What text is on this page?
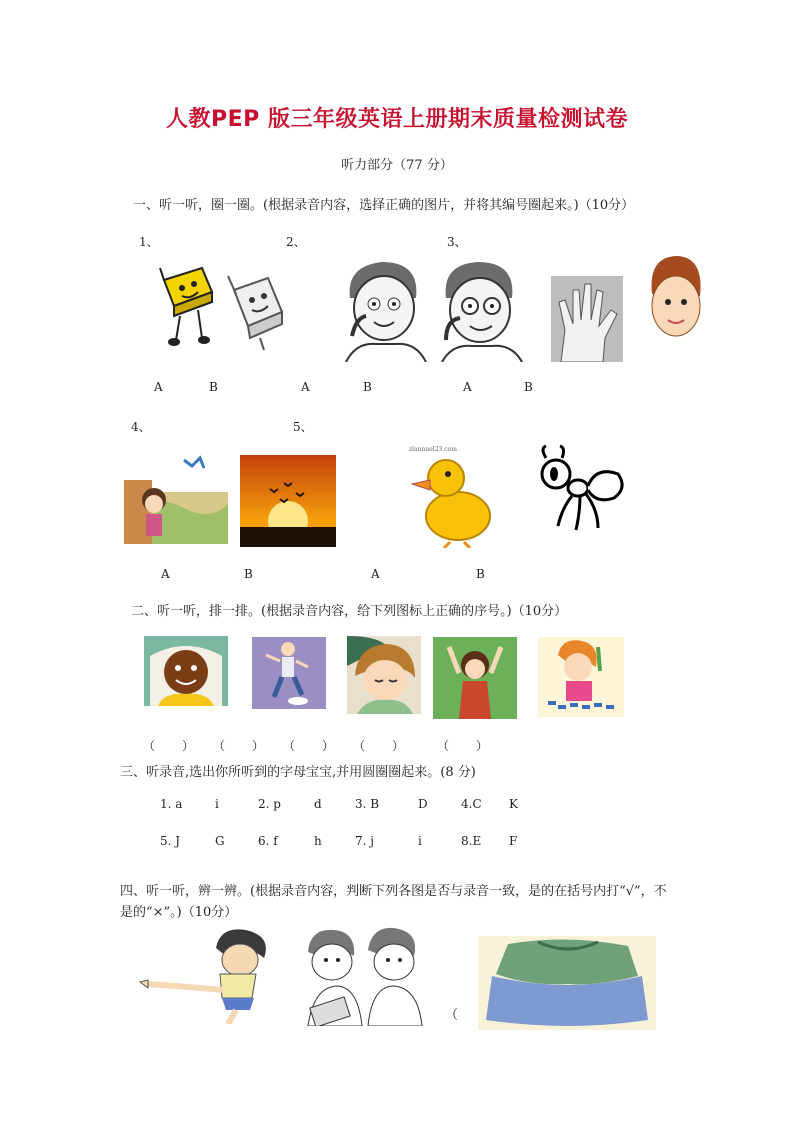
人教PEP 版三年级英语上册期末质量检测试卷
听力部分（77 分）
一、听一听，圈一圈。(根据录音内容，选择正确的图片，并将其编号圈起来。)（10分）
1、	2、	3、
A	B	A	B	A	B
4、	5、
zlannuel23.com
A	B	A	B
二、听一听，排一排。(根据录音内容，给下列图标上正确的序号。)（10分）
（　　） （　　） （　　） （　　）	（　　）
三、听录音,选出你所听到的字母宝宝,并用圆圈圈起来。(8 分)
1. a	i	2. p	d	3. B	D	4.C K
5. J	G	6. f	h	7. j	i	8.E F
四、听一听，辨一辨。(根据录音内容，判断下列各图是否与录音一致，是的在括号内打“√”，不
是的“×”。)（10分）
（
